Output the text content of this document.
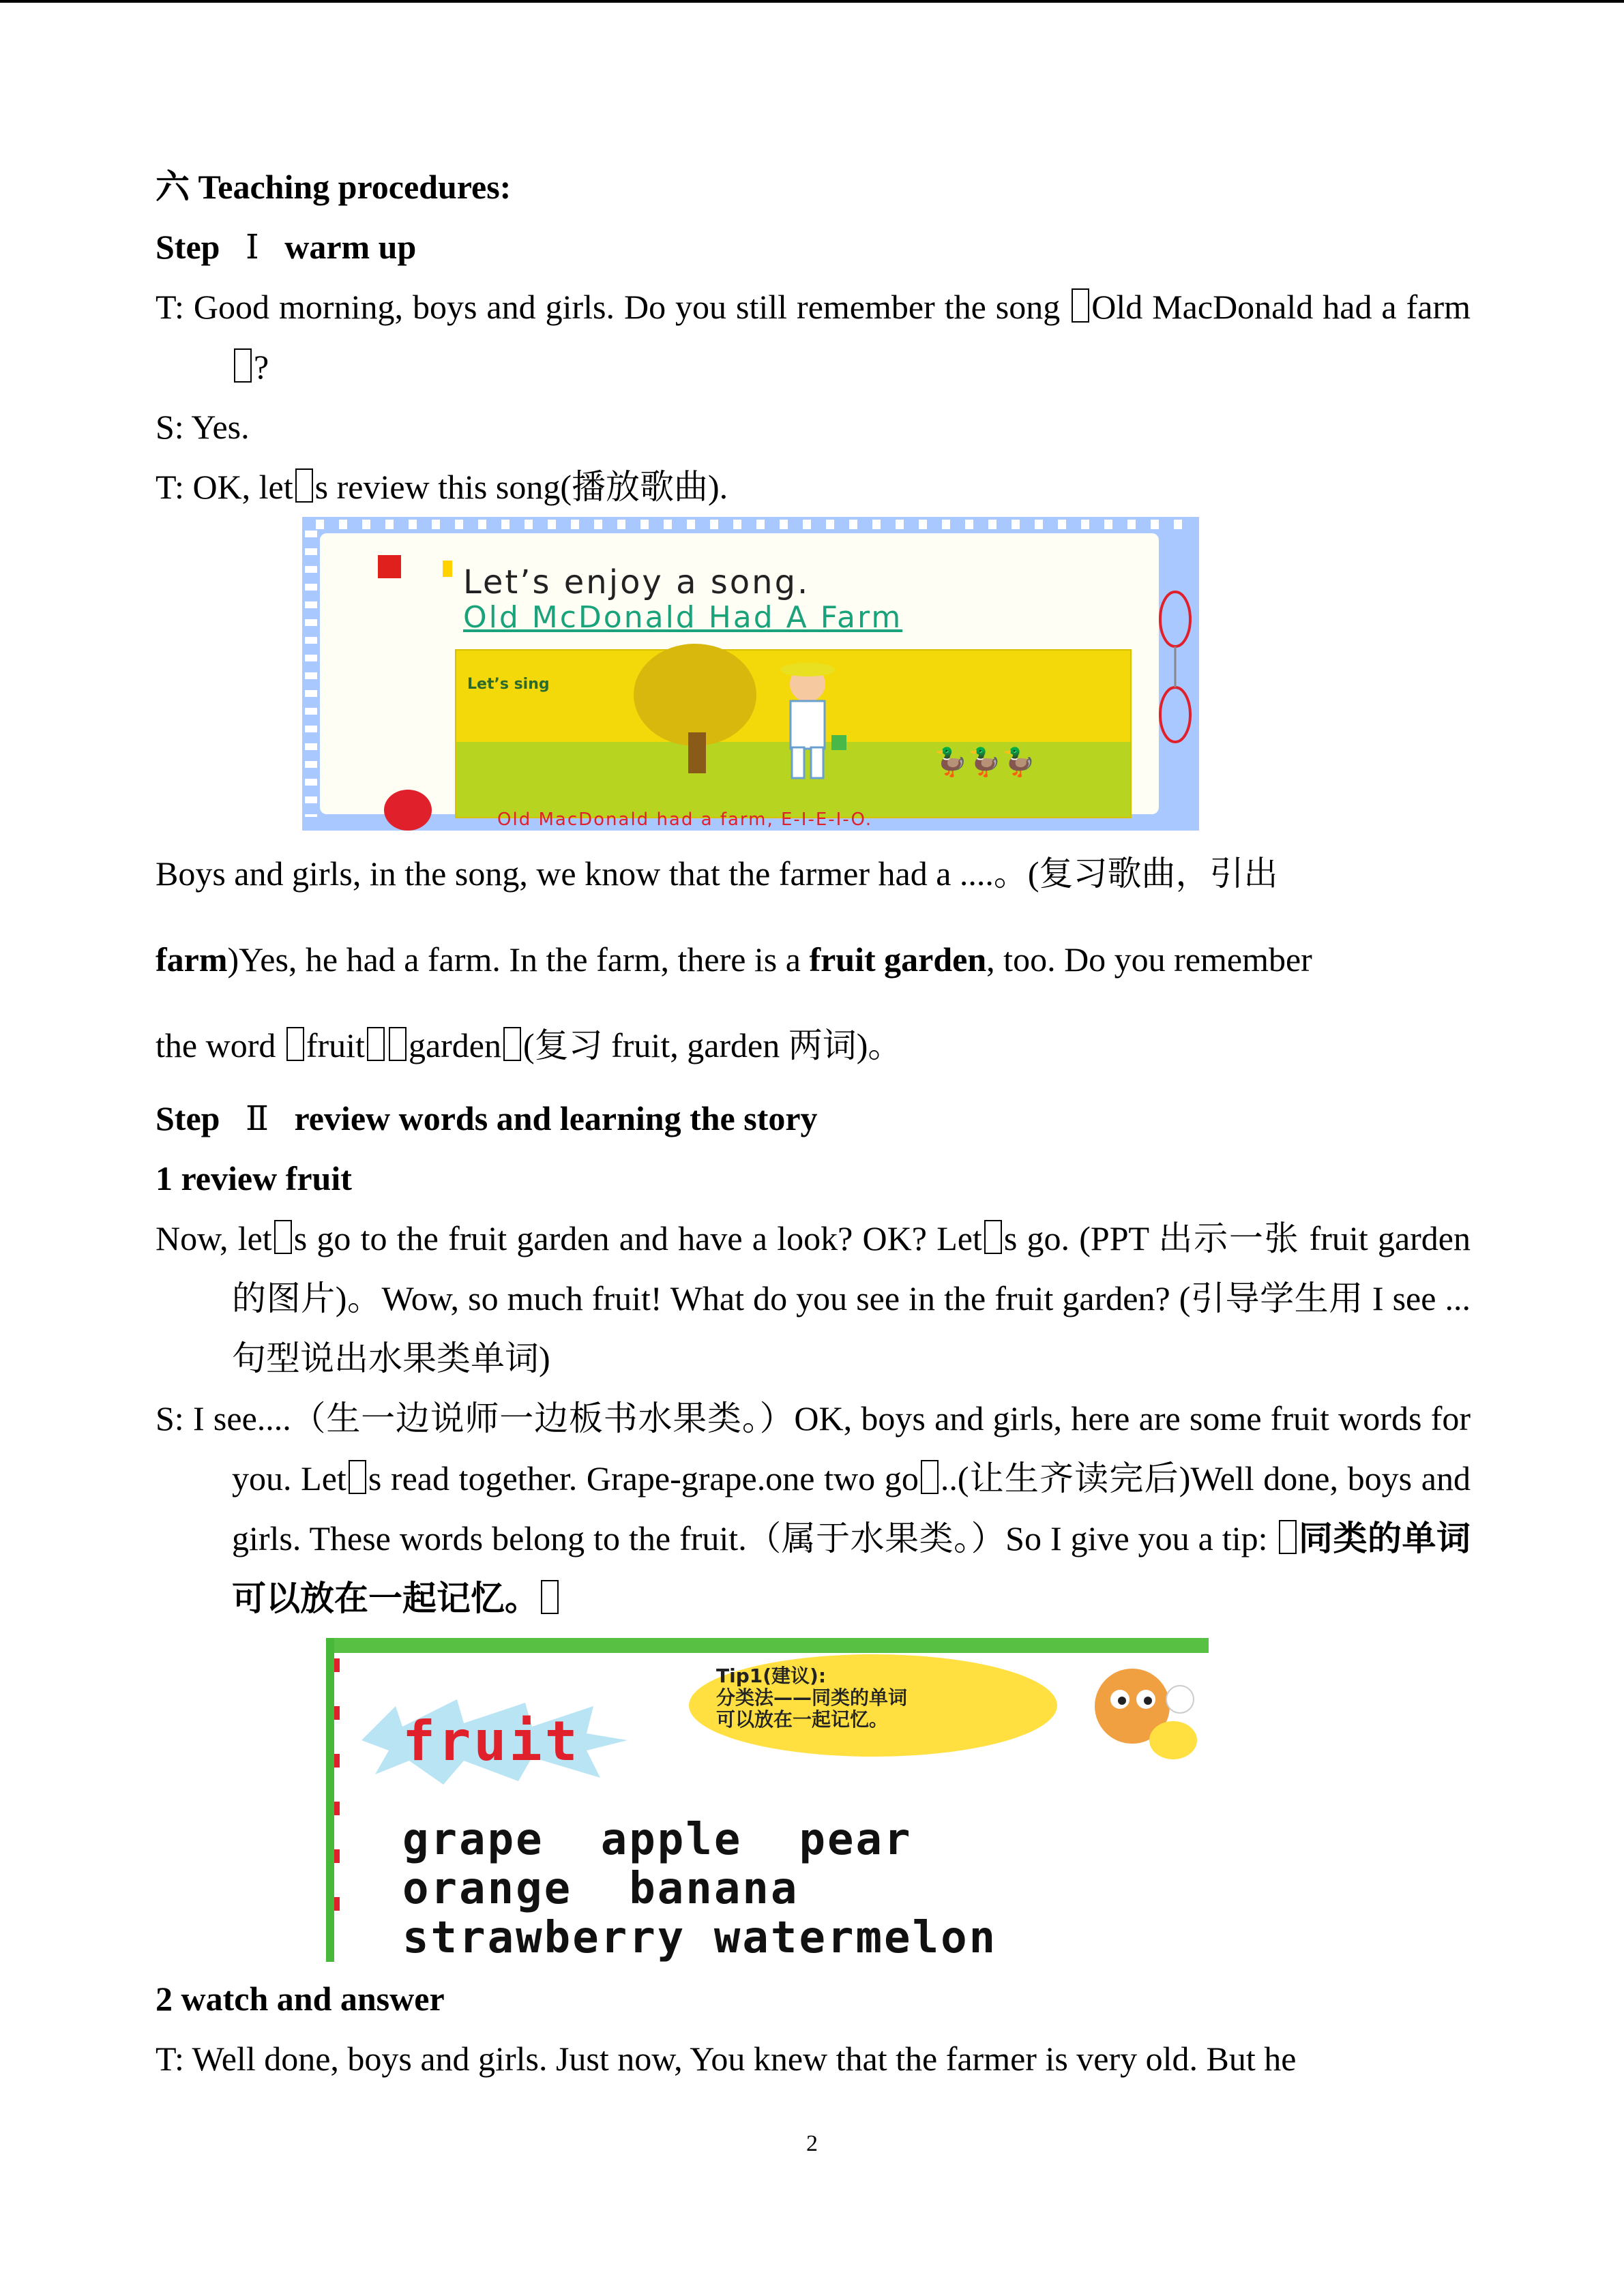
六 Teaching procedures:

Step Ⅰ warm up

T: Good morning, boys and girls. Do you still remember the song Old MacDonald had a farm?

S: Yes.

T: OK, let s review this song(播放歌曲).

Let’s enjoy a song.
Old McDonald Had A Farm
Let’s sing
🦆🦆🦆
Old MacDonald had a farm, E-I-E-I-O.

Boys and girls, in the song, we know that the farmer had a ....。(复习歌曲，引出

farm)Yes, he had a farm. In the farm, there is a fruit garden, too. Do you remember

the word fruit garden (复习 fruit, garden 两词)。

Step Ⅱ review words and learning the story

1 review fruit

Now, let s go to the fruit garden and have a look? OK? Let s go. (PPT 出示一张 fruit garden 的图片)。Wow, so much fruit! What do you see in the fruit garden? (引导学生用 I see ...句型说出水果类单词)

S: I see....（生一边说师一边板书水果类。）OK, boys and girls, here are some fruit words for you. Let s read together. Grape-grape.one two go ..(让生齐读完后)Well done, boys and girls. These words belong to the fruit.（属于水果类。）So I give you a tip: 同类的单词可以放在一起记忆。

Tip1(建议):
分类法——同类的单词
可以放在一起记忆。
fruit
grape  apple  pear
orange  banana
strawberry watermelon

2 watch and answer

T: Well done, boys and girls. Just now, You knew that the farmer is very old. But he

2
